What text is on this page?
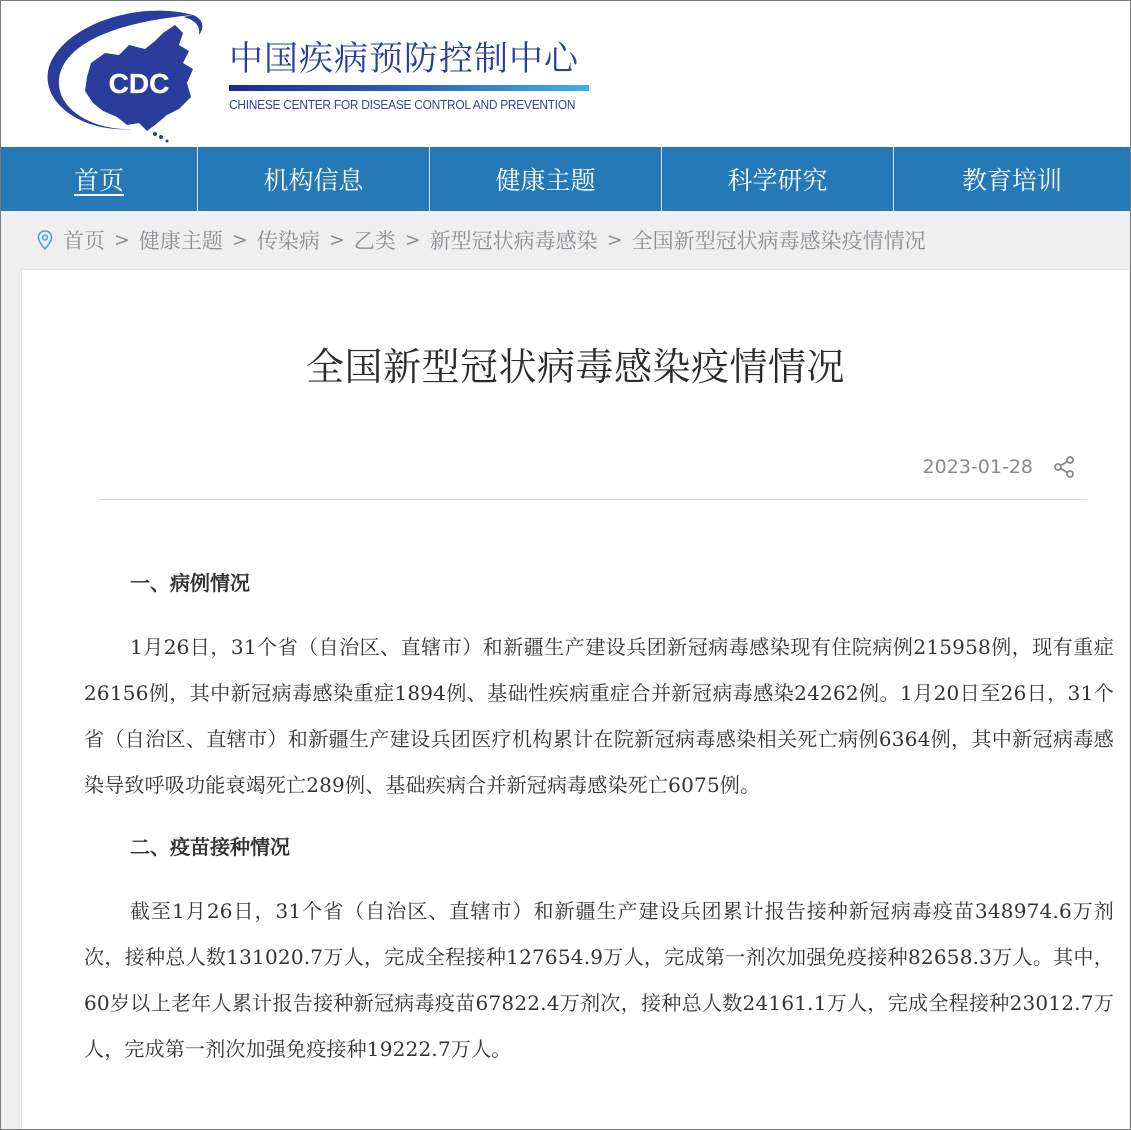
CDC
中国疾病预防控制中心
CHINESE CENTER FOR DISEASE CONTROL AND PREVENTION
首页	机构信息	健康主题	科学研究	教育培训
首页 > 健康主题 > 传染病 > 乙类 > 新型冠状病毒感染 > 全国新型冠状病毒感染疫情情况
全国新型冠状病毒感染疫情情况
2023-01-28
一、病例情况

1月26日，31个省（自治区、直辖市）和新疆生产建设兵团新冠病毒感染现有住院病例215958例，现有重症26156例，其中新冠病毒感染重症1894例、基础性疾病重症合并新冠病毒感染24262例。1月20日至26日，31个省（自治区、直辖市）和新疆生产建设兵团医疗机构累计在院新冠病毒感染相关死亡病例6364例，其中新冠病毒感染导致呼吸功能衰竭死亡289例、基础疾病合并新冠病毒感染死亡6075例。

二、疫苗接种情况

截至1月26日，31个省（自治区、直辖市）和新疆生产建设兵团累计报告接种新冠病毒疫苗348974.6万剂次，接种总人数131020.7万人，完成全程接种127654.9万人，完成第一剂次加强免疫接种82658.3万人。其中，60岁以上老年人累计报告接种新冠病毒疫苗67822.4万剂次，接种总人数24161.1万人，完成全程接种23012.7万人，完成第一剂次加强免疫接种19222.7万人。
